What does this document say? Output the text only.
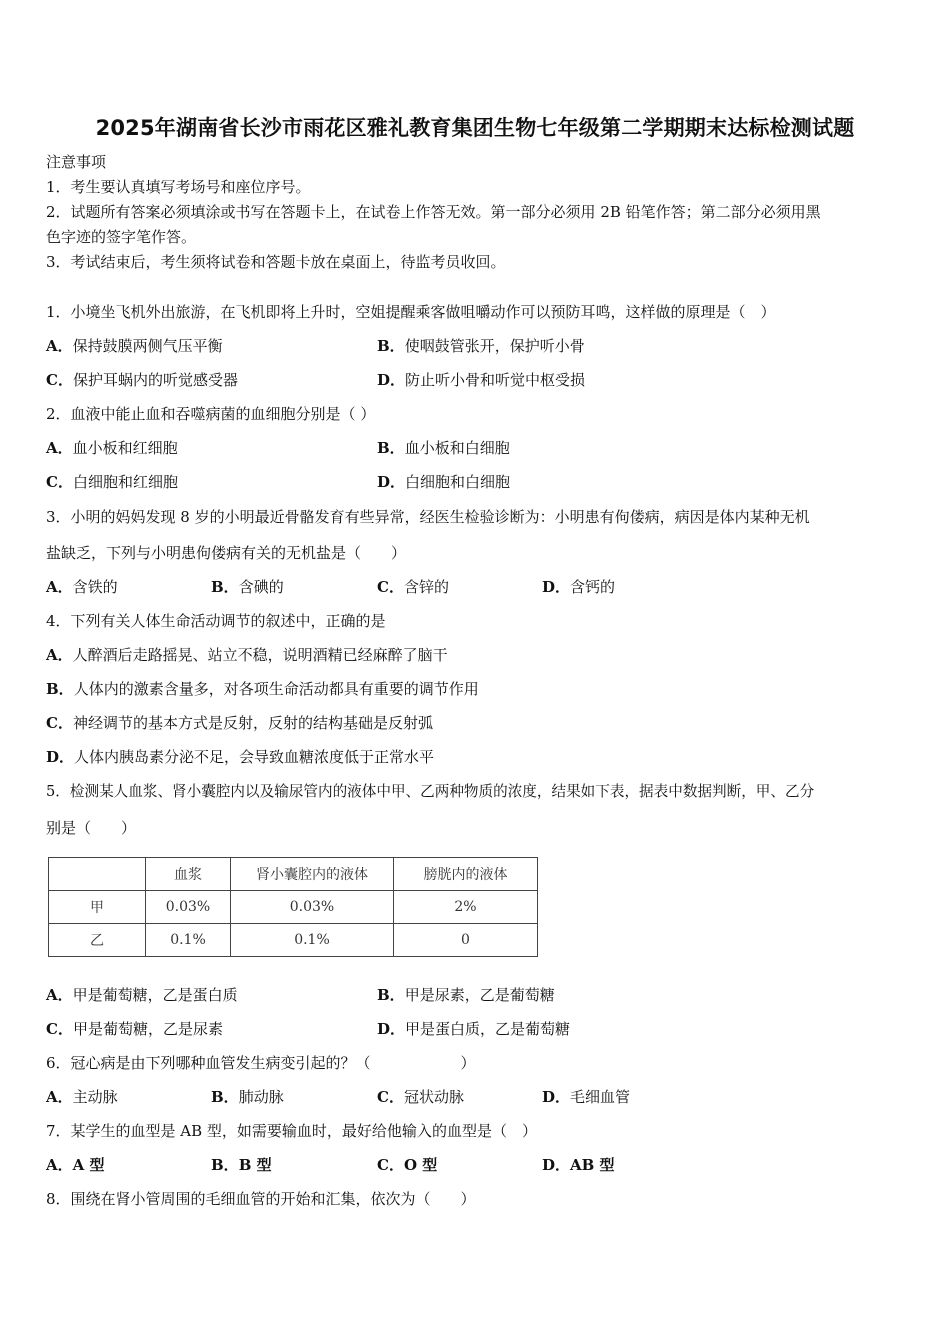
2025年湖南省长沙市雨花区雅礼教育集团生物七年级第二学期期末达标检测试题
注意事项
1．考生要认真填写考场号和座位序号。
2．试题所有答案必须填涂或书写在答题卡上，在试卷上作答无效。第一部分必须用 2B 铅笔作答；第二部分必须用黑
色字迹的签字笔作答。
3．考试结束后，考生须将试卷和答题卡放在桌面上，待监考员收回。
1．小境坐飞机外出旅游，在飞机即将上升时，空姐提醒乘客做咀嚼动作可以预防耳鸣，这样做的原理是（　）
A．保持鼓膜两侧气压平衡	B．使咽鼓管张开，保护听小骨
C．保护耳蜗内的听觉感受器	D．防止听小骨和听觉中枢受损
2．血液中能止血和吞噬病菌的血细胞分别是（ ）
A．血小板和红细胞	B．血小板和白细胞
C．白细胞和红细胞	D．白细胞和白细胞
3．小明的妈妈发现 8 岁的小明最近骨骼发育有些异常，经医生检验诊断为：小明患有佝偻病，病因是体内某种无机
盐缺乏，下列与小明患佝偻病有关的无机盐是（　　）
A．含铁的	B．含碘的	C．含锌的	D．含钙的
4．下列有关人体生命活动调节的叙述中，正确的是
A．人醉酒后走路摇晃、站立不稳，说明酒精已经麻醉了脑干
B．人体内的激素含量多，对各项生命活动都具有重要的调节作用
C．神经调节的基本方式是反射，反射的结构基础是反射弧
D．人体内胰岛素分泌不足，会导致血糖浓度低于正常水平
5．检测某人血浆、肾小囊腔内以及输尿管内的液体中甲、乙两种物质的浓度，结果如下表，据表中数据判断，甲、乙分
别是（　　）
	血浆	肾小囊腔内的液体	膀胱内的液体
甲	0.03%	0.03%	2%
乙	0.1%	0.1%	0
A．甲是葡萄糖，乙是蛋白质	B．甲是尿素，乙是葡萄糖
C．甲是葡萄糖，乙是尿素	D．甲是蛋白质，乙是葡萄糖
6．冠心病是由下列哪种血管发生病变引起的？（　　　　　　）
A．主动脉	B．肺动脉	C．冠状动脉	D．毛细血管
7．某学生的血型是 AB 型，如需要输血时，最好给他输入的血型是（　）
A．A 型	B．B 型	C．O 型	D．AB 型
8．围绕在肾小管周围的毛细血管的开始和汇集，依次为（　　）
